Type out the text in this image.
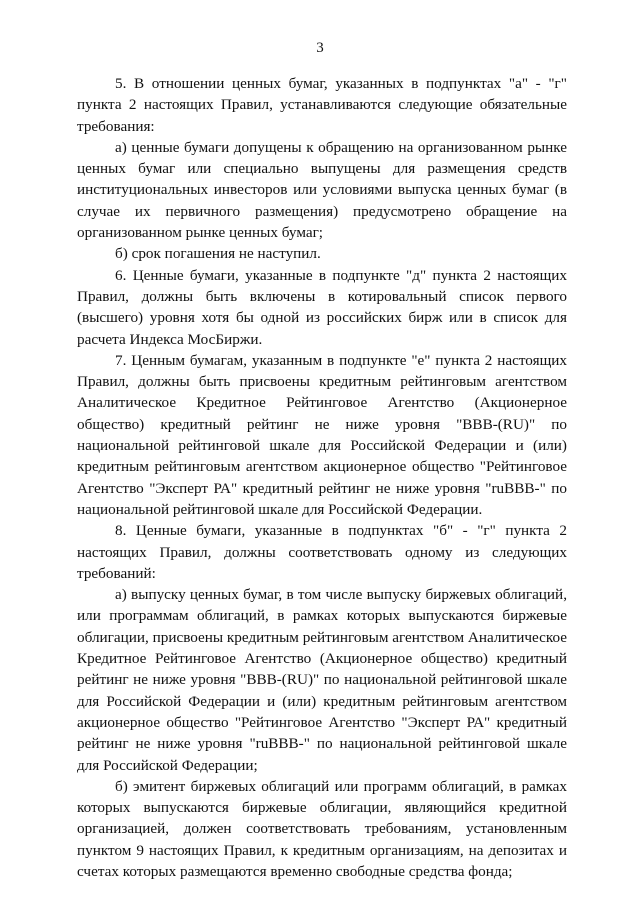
3

5. В отношении ценных бумаг, указанных в подпунктах "а" - "г" пункта 2 настоящих Правил, устанавливаются следующие обязательные требования:

а) ценные бумаги допущены к обращению на организованном рынке ценных бумаг или специально выпущены для размещения средств институциональных инвесторов или условиями выпуска ценных бумаг (в случае их первичного размещения) предусмотрено обращение на организованном рынке ценных бумаг;

б) срок погашения не наступил.

6. Ценные бумаги, указанные в подпункте "д" пункта 2 настоящих Правил, должны быть включены в котировальный список первого (высшего) уровня хотя бы одной из российских бирж или в список для расчета Индекса МосБиржи.

7. Ценным бумагам, указанным в подпункте "е" пункта 2 настоящих Правил, должны быть присвоены кредитным рейтинговым агентством Аналитическое Кредитное Рейтинговое Агентство (Акционерное общество) кредитный рейтинг не ниже уровня "BBB-(RU)" по национальной рейтинговой шкале для Российской Федерации и (или) кредитным рейтинговым агентством акционерное общество "Рейтинговое Агентство "Эксперт РА" кредитный рейтинг не ниже уровня "ruBBB-" по национальной рейтинговой шкале для Российской Федерации.

8. Ценные бумаги, указанные в подпунктах "б" - "г" пункта 2 настоящих Правил, должны соответствовать одному из следующих требований:

а) выпуску ценных бумаг, в том числе выпуску биржевых облигаций, или программам облигаций, в рамках которых выпускаются биржевые облигации, присвоены кредитным рейтинговым агентством Аналитическое Кредитное Рейтинговое Агентство (Акционерное общество) кредитный рейтинг не ниже уровня "BBB-(RU)" по национальной рейтинговой шкале для Российской Федерации и (или) кредитным рейтинговым агентством акционерное общество "Рейтинговое Агентство "Эксперт РА" кредитный рейтинг не ниже уровня "ruBBB-" по национальной рейтинговой шкале для Российской Федерации;

б) эмитент биржевых облигаций или программ облигаций, в рамках которых выпускаются биржевые облигации, являющийся кредитной организацией, должен соответствовать требованиям, установленным пунктом 9 настоящих Правил, к кредитным организациям, на депозитах и счетах которых размещаются временно свободные средства фонда;
